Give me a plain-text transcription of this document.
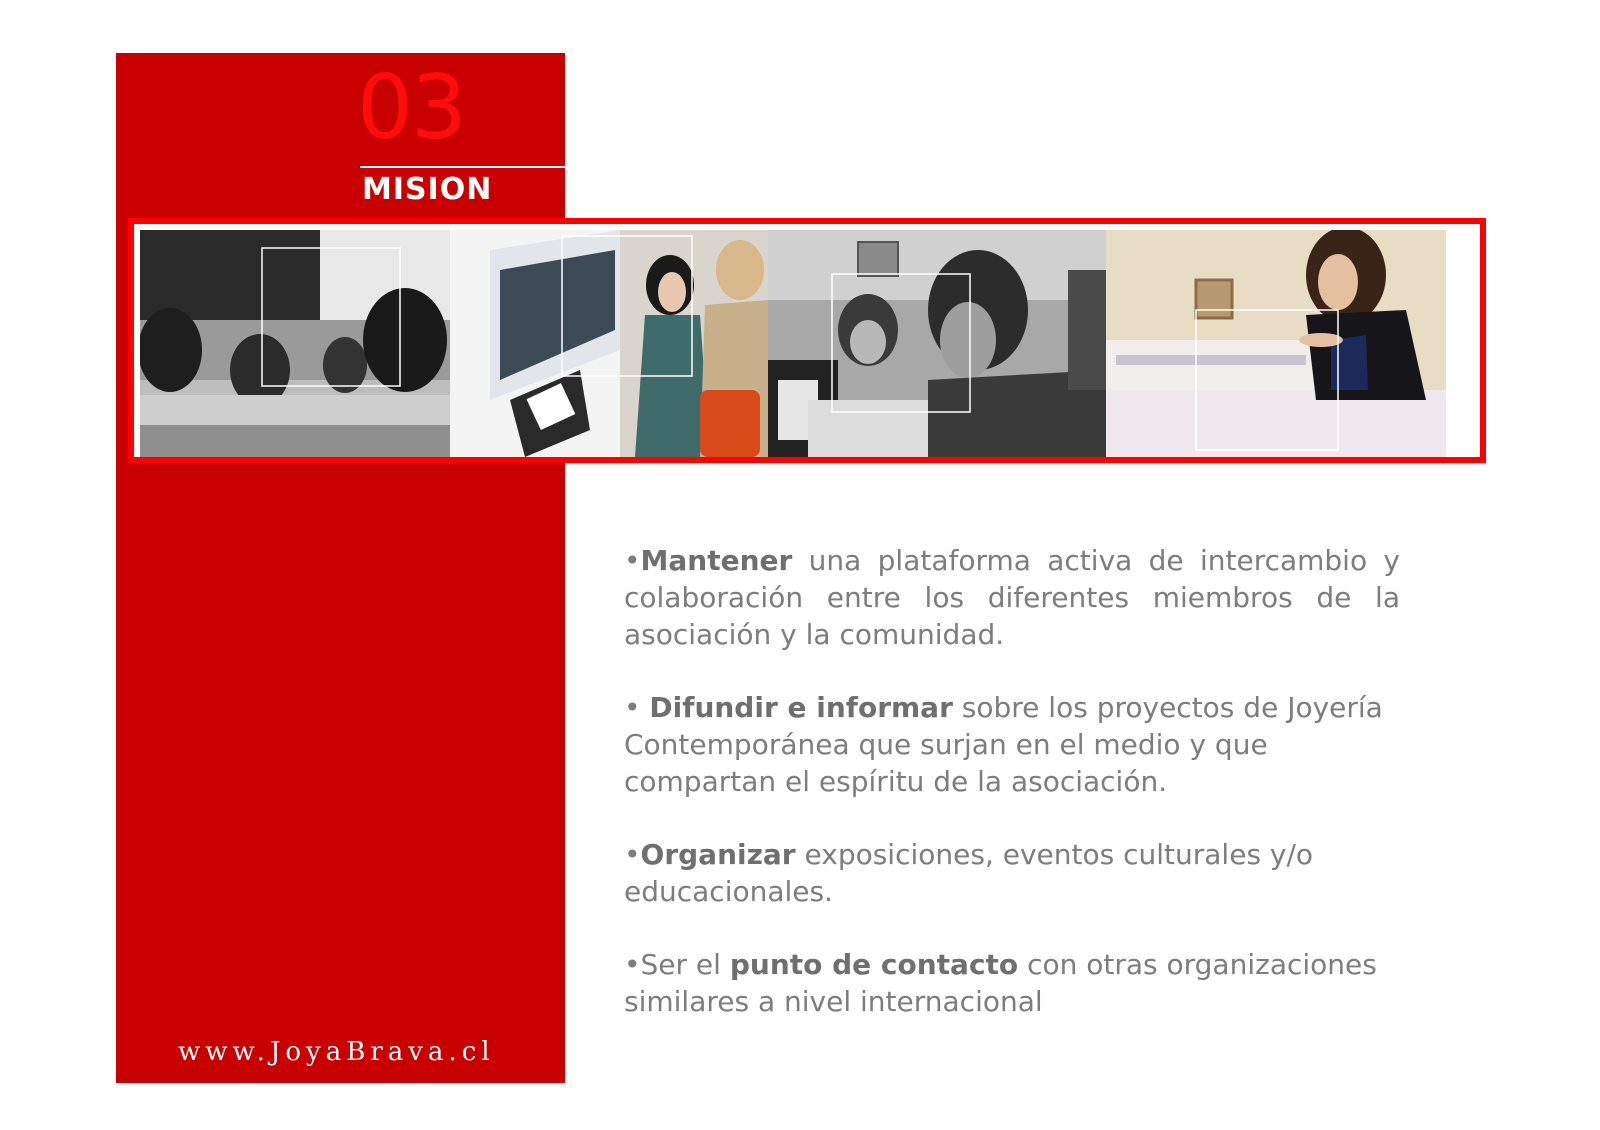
03
MISION

•Mantener una plataforma activa de intercambio y colaboración entre los diferentes miembros de la asociación y la comunidad.

• Difundir e informar sobre los proyectos de Joyería Contemporánea que surjan en el medio y que compartan el espíritu de la asociación.

•Organizar exposiciones, eventos culturales y/o educacionales.

•Ser el punto de contacto con otras organizaciones similares a nivel internacional

www.JoyaBrava.cl
